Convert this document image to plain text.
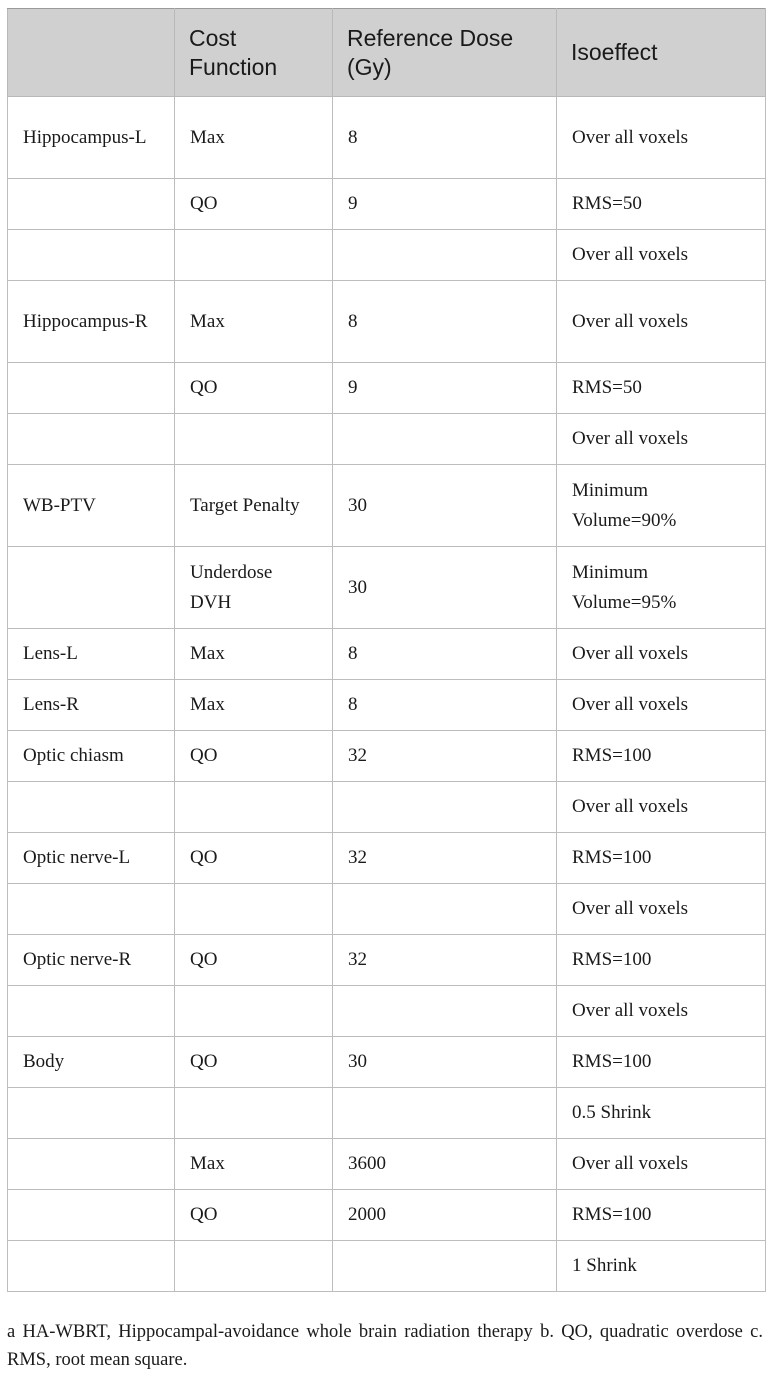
	Cost Function	Reference Dose (Gy)	Isoeffect
Hippocampus-L	Max	8	Over all voxels
	QO	9	RMS=50
			Over all voxels
Hippocampus-R	Max	8	Over all voxels
	QO	9	RMS=50
			Over all voxels
WB-PTV	Target Penalty	30	Minimum Volume=90%
	Underdose DVH	30	Minimum Volume=95%
Lens-L	Max	8	Over all voxels
Lens-R	Max	8	Over all voxels
Optic chiasm	QO	32	RMS=100
			Over all voxels
Optic nerve-L	QO	32	RMS=100
			Over all voxels
Optic nerve-R	QO	32	RMS=100
			Over all voxels
Body	QO	30	RMS=100
			0.5 Shrink
	Max	3600	Over all voxels
	QO	2000	RMS=100
			1 Shrink

a HA-WBRT, Hippocampal-avoidance whole brain radiation therapy b. QO, quadratic overdose c. RMS, root mean square.
